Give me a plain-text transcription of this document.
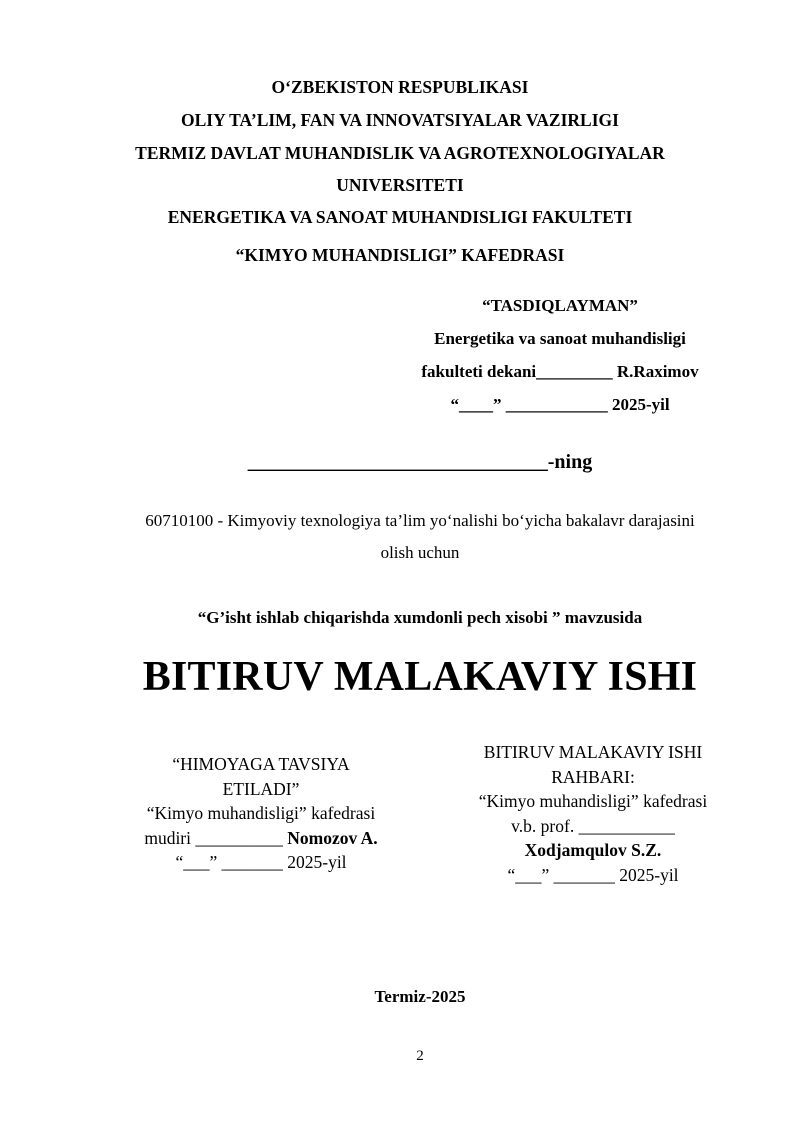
O‘ZBEKISTON RESPUBLIKASI
OLIY TA’LIM, FAN VA INNOVATSIYALAR VAZIRLIGI
TERMIZ DAVLAT MUHANDISLIK VA AGROTEXNOLOGIYALAR
UNIVERSITETI
ENERGETIKA VA SANOAT MUHANDISLIGI FAKULTETI
“KIMYO MUHANDISLIGI” KAFEDRASI
“TASDIQLAYMAN”
Energetika va sanoat muhandisligi
fakulteti dekani_________ R.Raximov
“____” ____________ 2025-yil
______________________________-ning
60710100 - Kimyoviy texnologiya ta’lim yo‘nalishi bo‘yicha bakalavr darajasini
olish uchun
“G’isht ishlab chiqarishda xumdonli pech xisobi ” mavzusida
BITIRUV MALAKAVIY ISHI
“HIMOYAGA TAVSIYA
ETILADI”
“Kimyo muhandisligi” kafedrasi
mudiri __________ Nomozov A.
“___” _______ 2025-yil
BITIRUV MALAKAVIY ISHI
RAHBARI:
“Kimyo muhandisligi” kafedrasi
v.b. prof. ___________
Xodjamqulov S.Z.
“___” _______ 2025-yil
Termiz-2025
2
